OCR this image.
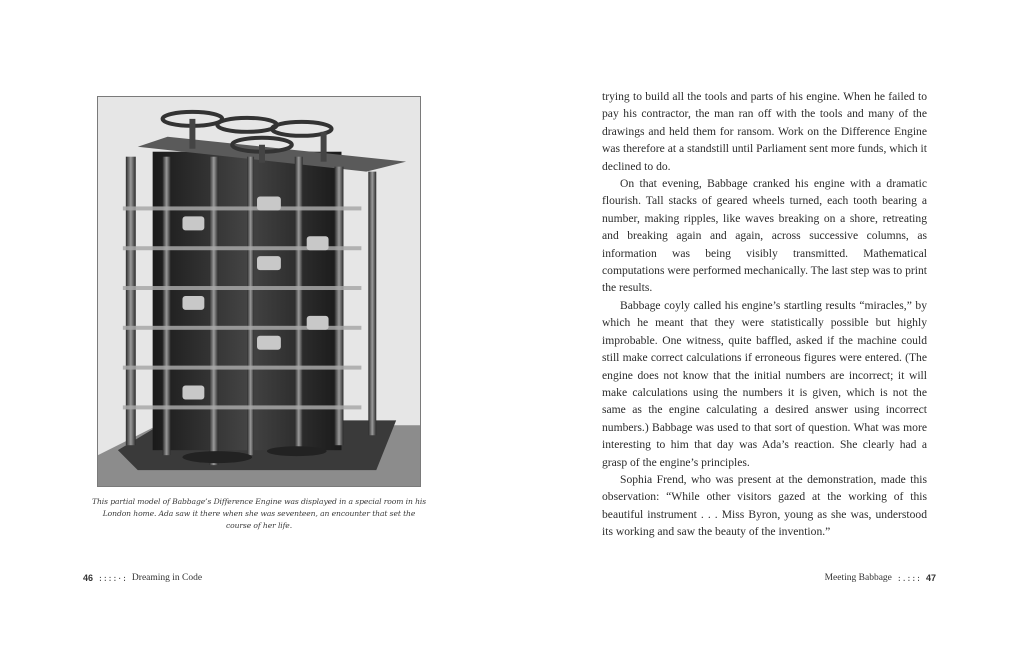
This partial model of Babbage’s Difference Engine was displayed in a special room in his London home. Ada saw it there when she was seventeen, an encounter that set the course of her life.
46 ::::·: Dreaming in Code

trying to build all the tools and parts of his engine. When he failed to pay his contractor, the man ran off with the tools and many of the drawings and held them for ransom. Work on the Difference Engine was therefore at a standstill until Parliament sent more funds, which it declined to do.

On that evening, Babbage cranked his engine with a dramatic flourish. Tall stacks of geared wheels turned, each tooth bearing a number, making ripples, like waves breaking on a shore, retreating and breaking again and again, across successive columns, as information was being visibly transmitted. Mathematical computations were performed mechanically. The last step was to print the results.

Babbage coyly called his engine’s startling results “miracles,” by which he meant that they were statistically possible but highly improbable. One witness, quite baffled, asked if the machine could still make correct calculations if erroneous figures were entered. (The engine does not know that the initial numbers are incorrect; it will make calculations using the numbers it is given, which is not the same as the engine calculating a desired answer using incorrect numbers.) Babbage was used to that sort of question. What was more interesting to him that day was Ada’s reaction. She clearly had a grasp of the engine’s principles.

Sophia Frend, who was present at the demonstration, made this observation: “While other visitors gazed at the working of this beautiful instrument . . . Miss Byron, young as she was, understood its working and saw the beauty of the invention.”

Meeting Babbage :.::: 47
